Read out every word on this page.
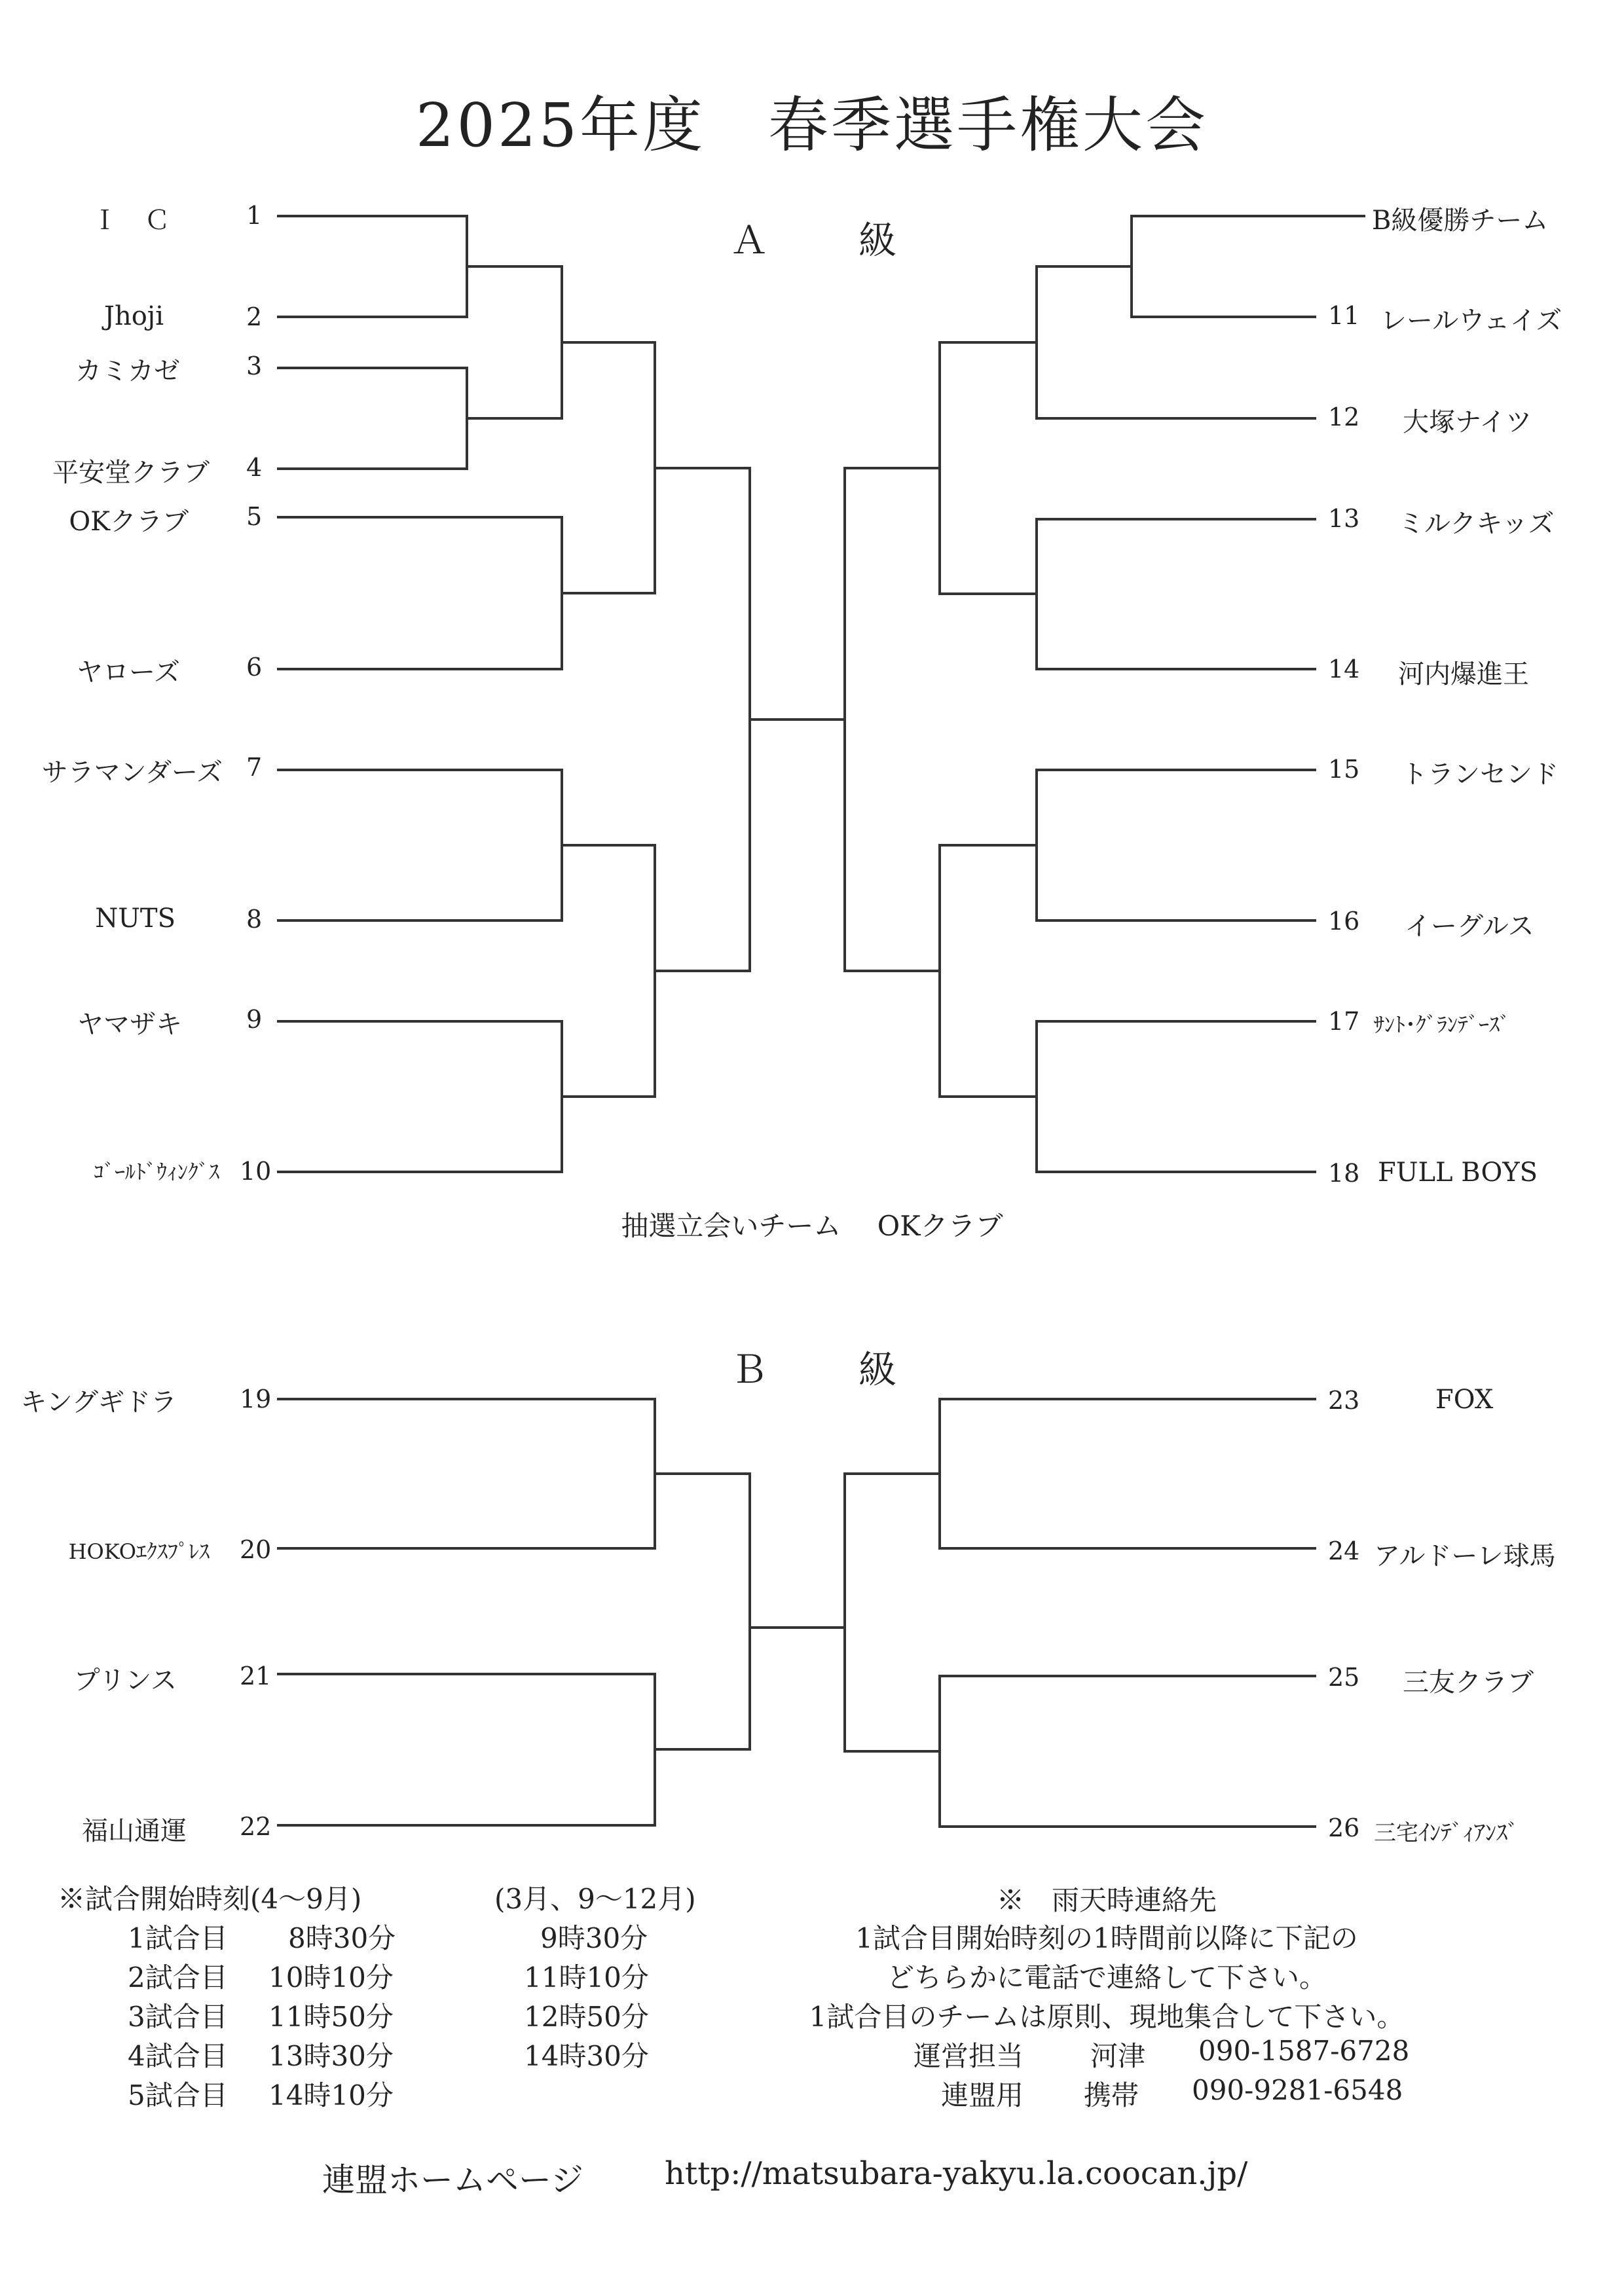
2025年度　春季選手権大会
Ａ　級
Ｉ　Ｃ	1
Jhoji	2
カミカゼ	3
平安堂クラブ 4
OKクラブ 5
ヤローズ	6
サラマンダーズ 7
NUTS	8
ヤマザキ	9
ｺﾞｰﾙﾄﾞｳｨﾝｸﾞｽ 10
B級優勝チーム
11 レールウェイズ
12 大塚ナイツ
13 ミルクキッズ
14 河内爆進王
15 トランセンド
16 イーグルス
17 ｻﾝﾄ･ｸﾞﾗﾝﾃﾞｰｽﾞ
18 FULL BOYS
抽選立会いチーム　 OKクラブ
Ｂ　級
キングギドラ	19
HOKOｴｸｽﾌﾟﾚｽ 20
プリンス	21
福山通運 22
23	FOX
24 アルドーレ球馬
25 三友クラブ
26 三宅ｲﾝﾃﾞｨｱﾝｽﾞ
※試合開始時刻(4～9月)	(3月、9～12月)
1試合目 8時30分	9時30分
2試合目 10時10分	11時10分
3試合目 11時50分	12時50分
4試合目 13時30分	14時30分
5試合目 14時10分
※　雨天時連絡先
1試合目開始時刻の1時間前以降に下記の
どちらかに電話で連絡して下さい。
1試合目のチームは原則、現地集合して下さい。
運営担当 河津 090-1587-6728
連盟用 携帯 090-9281-6548
連盟ホームページ	http://matsubara-yakyu.la.coocan.jp/
